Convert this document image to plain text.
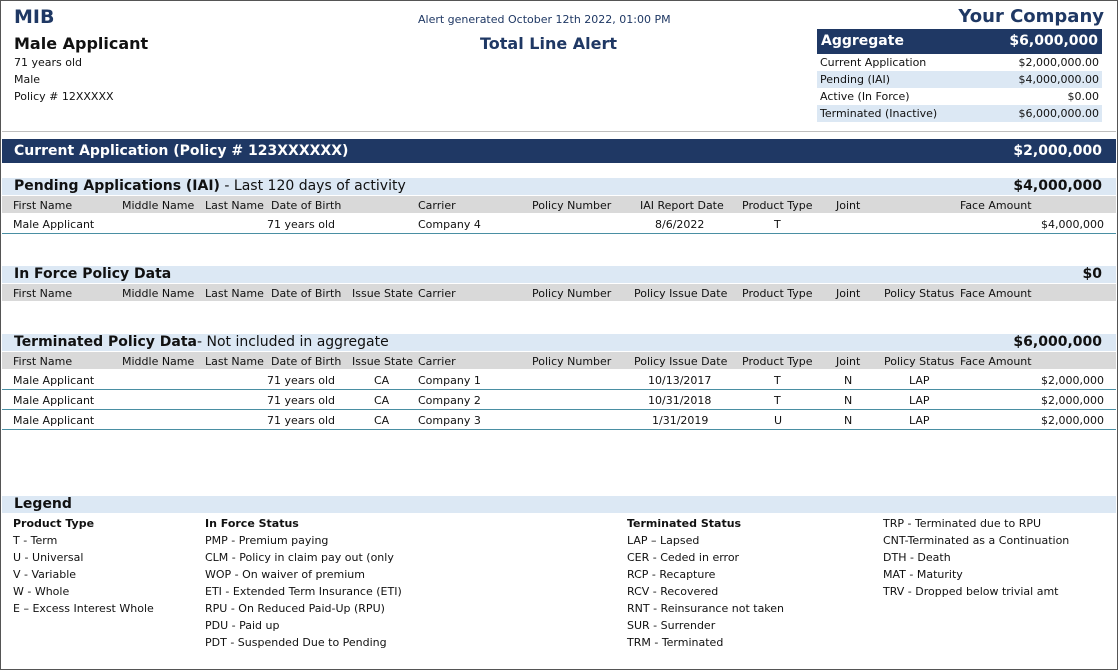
MIB	Alert generated October 12th 2022, 01:00 PM
Total Line Alert
Your Company
Male Applicant
71 years old
Male
Policy # 12XXXXX
Aggregate	$6,000,000
Current Application	$2,000,000.00
Pending (IAI)	$4,000,000.00
Active (In Force)	$0.00
Terminated (Inactive)	$6,000,000.00
Current Application (Policy # 123XXXXXX)	$2,000,000
Pending Applications (IAI) - Last 120 days of activity	$4,000,000
First Name	Middle Name Last Name Date of Birth	Carrier	Policy Number	IAI Report Date Product Type Joint	Face Amount
Male Applicant	71 years old	Company 4	8/6/2022	T	$4,000,000
In Force Policy Data	$0
First Name	Middle Name Last Name Date of Birth Issue State Carrier	Policy Number Policy Issue Date Product Type Joint Policy Status Face Amount
Terminated Policy Data- Not included in aggregate	$6,000,000
First Name	Middle Name Last Name Date of Birth Issue State Carrier	Policy Number Policy Issue Date Product Type Joint Policy Status Face Amount
Male Applicant	71 years old	CA	Company 1	10/13/2017	T	N	LAP	$2,000,000
Male Applicant	71 years old	CA	Company 2	10/31/2018	T	N	LAP	$2,000,000
Male Applicant	71 years old	CA	Company 3	1/31/2019	U	N	LAP	$2,000,000
Legend
Product Type
T - Term
U - Universal
V - Variable
W - Whole
E – Excess Interest Whole
In Force Status
PMP - Premium paying
CLM - Policy in claim pay out (only
WOP - On waiver of premium
ETI - Extended Term Insurance (ETI)
RPU - On Reduced Paid-Up (RPU)
PDU - Paid up
PDT - Suspended Due to Pending
Terminated Status
LAP – Lapsed
CER - Ceded in error
RCP - Recapture
RCV - Recovered
RNT - Reinsurance not taken
SUR - Surrender
TRM - Terminated
TRP - Terminated due to RPU
CNT-Terminated as a Continuation
DTH - Death
MAT - Maturity
TRV - Dropped below trivial amt
